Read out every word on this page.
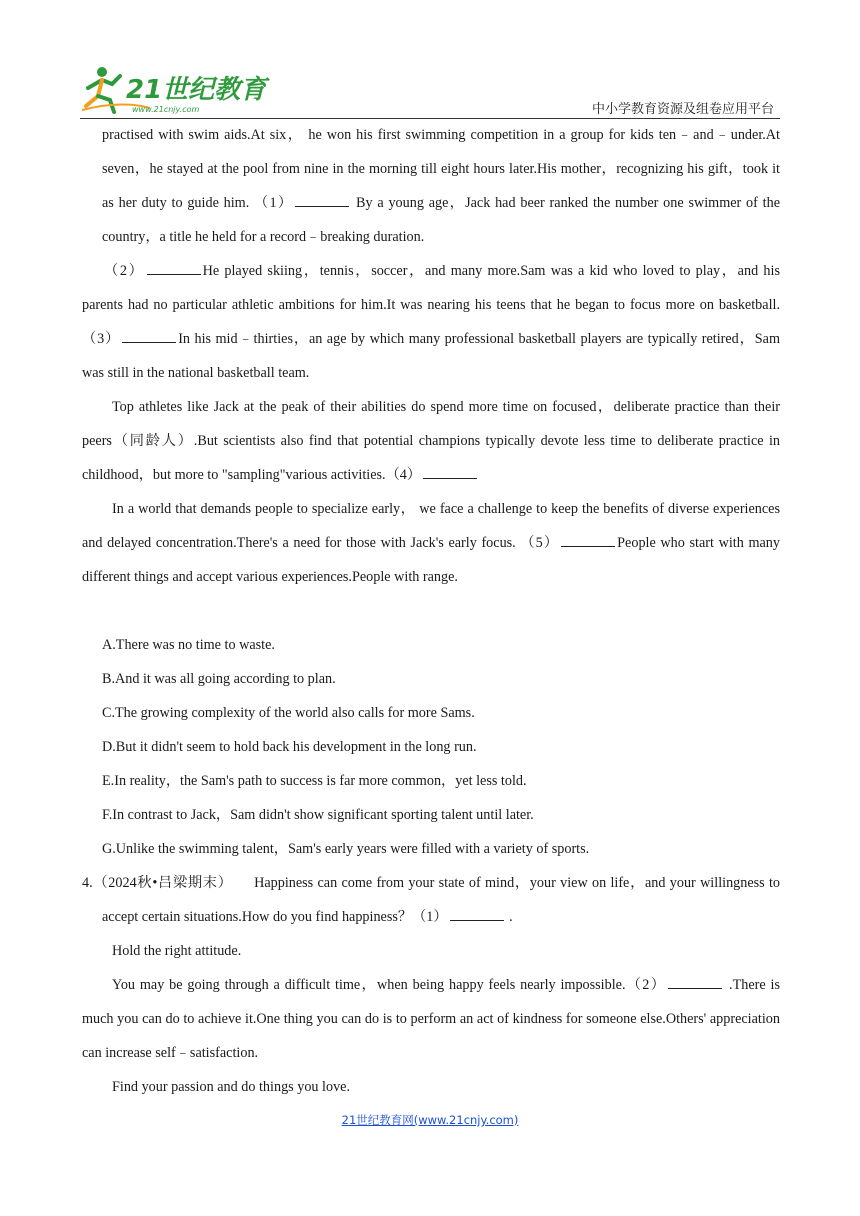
21世纪教育
www.21cnjy.com	中小学教育资源及组卷应用平台

practised with swim aids.At six， he won his first swimming competition in a group for kids ten﹣and﹣under.At seven，he stayed at the pool from nine in the morning till eight hours later.His mother，recognizing his gift，took it as her duty to guide him. （1）	By a young age，Jack had beer ranked the number one swimmer of the country，a title he held for a record﹣breaking duration.

（2）	He played skiing，tennis，soccer，and many more.Sam was a kid who loved to play，and his parents had no particular athletic ambitions for him.It was nearing his teens that he began to focus more on basketball. （3）	In his mid﹣thirties，an age by which many professional basketball players are typically retired，Sam was still in the national basketball team.

Top athletes like Jack at the peak of their abilities do spend more time on focused，deliberate practice than their peers（同龄人）.But scientists also find that potential champions typically devote less time to deliberate practice in childhood，but more to "sampling"various activities.（4）

In a world that demands people to specialize early， we face a challenge to keep the benefits of diverse experiences and delayed concentration.There's a need for those with Jack's early focus. （5）	People who start with many different things and accept various experiences.People with range.

A.There was no time to waste.

B.And it was all going according to plan.

C.The growing complexity of the world also calls for more Sams.

D.But it didn't seem to hold back his development in the long run.

E.In reality，the Sam's path to success is far more common，yet less told.

F.In contrast to Jack，Sam didn't show significant sporting talent until later.

G.Unlike the swimming talent，Sam's early years were filled with a variety of sports.

4.（2024秋•吕梁期末） Happiness can come from your state of mind，your view on life，and your willingness to accept certain situations.How do you find happiness？（1）	.

Hold the right attitude.

You may be going through a difficult time，when being happy feels nearly impossible.（2）	.There is much you can do to achieve it.One thing you can do is to perform an act of kindness for someone else.Others' appreciation can increase self﹣satisfaction.

Find your passion and do things you love.

21世纪教育网(www.21cnjy.com)
